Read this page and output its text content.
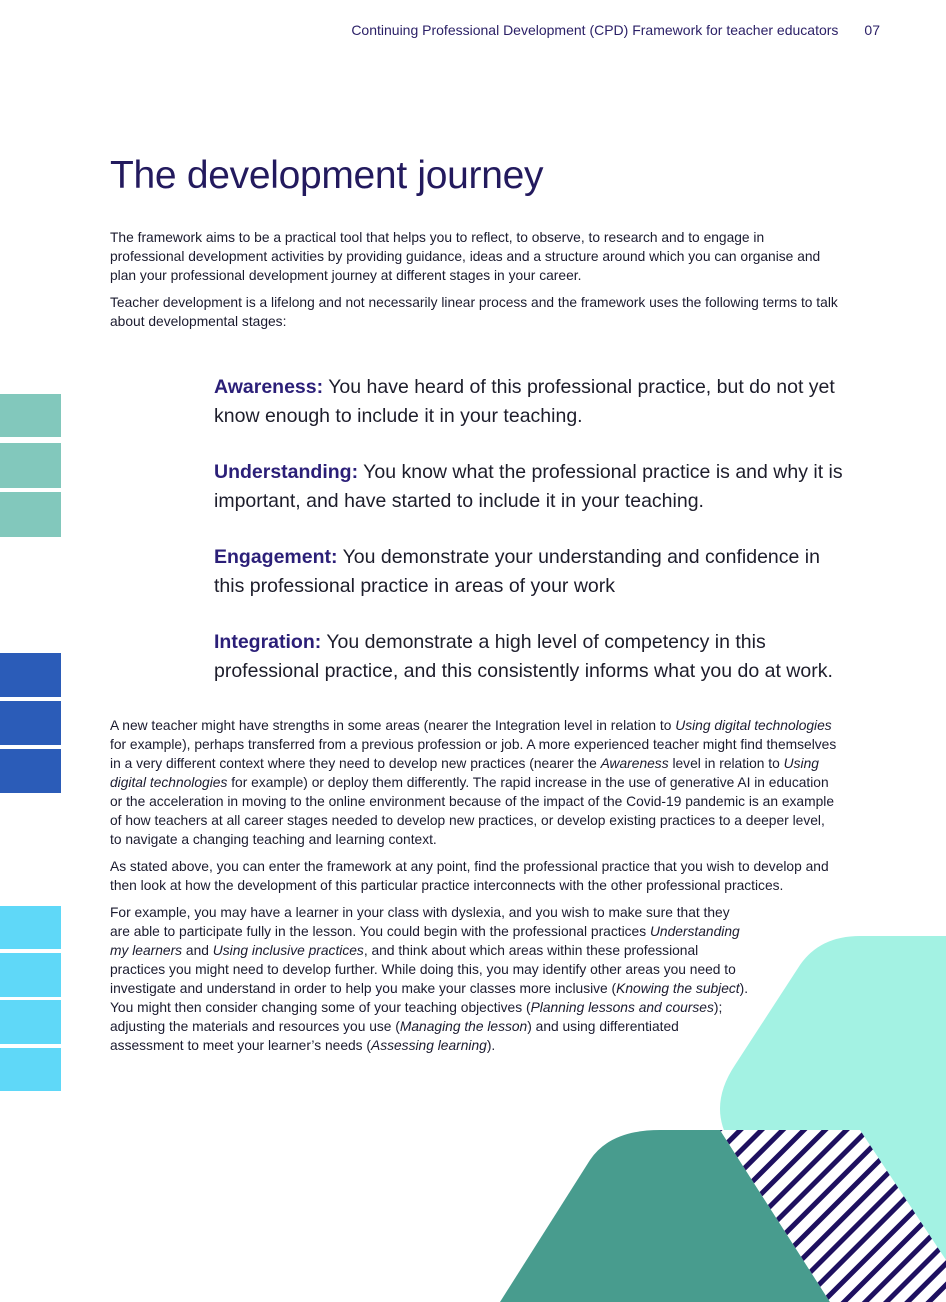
Continuing Professional Development (CPD) Framework for teacher educators 07
The development journey

The framework aims to be a practical tool that helps you to reflect, to observe, to research and to engage in professional development activities by providing guidance, ideas and a structure around which you can organise and plan your professional development journey at different stages in your career.

Teacher development is a lifelong and not necessarily linear process and the framework uses the following terms to talk about developmental stages:

Awareness: You have heard of this professional practice, but do not yet know enough to include it in your teaching.

Understanding: You know what the professional practice is and why it is important, and have started to include it in your teaching.

Engagement: You demonstrate your understanding and confidence in this professional practice in areas of your work

Integration: You demonstrate a high level of competency in this professional practice, and this consistently informs what you do at work.

A new teacher might have strengths in some areas (nearer the Integration level in relation to Using digital technologies for example), perhaps transferred from a previous profession or job. A more experienced teacher might find themselves in a very different context where they need to develop new practices (nearer the Awareness level in relation to Using digital technologies for example) or deploy them differently. The rapid increase in the use of generative AI in education or the acceleration in moving to the online environment because of the impact of the Covid-19 pandemic is an example of how teachers at all career stages needed to develop new practices, or develop existing practices to a deeper level, to navigate a changing teaching and learning context.

As stated above, you can enter the framework at any point, find the professional practice that you wish to develop and then look at how the development of this particular practice interconnects with the other professional practices.

For example, you may have a learner in your class with dyslexia, and you wish to make sure that they are able to participate fully in the lesson. You could begin with the professional practices Understanding my learners and Using inclusive practices, and think about which areas within these professional practices you might need to develop further. While doing this, you may identify other areas you need to investigate and understand in order to help you make your classes more inclusive (Knowing the subject). You might then consider changing some of your teaching objectives (Planning lessons and courses); adjusting the materials and resources you use (Managing the lesson) and using differentiated assessment to meet your learner’s needs (Assessing learning).
